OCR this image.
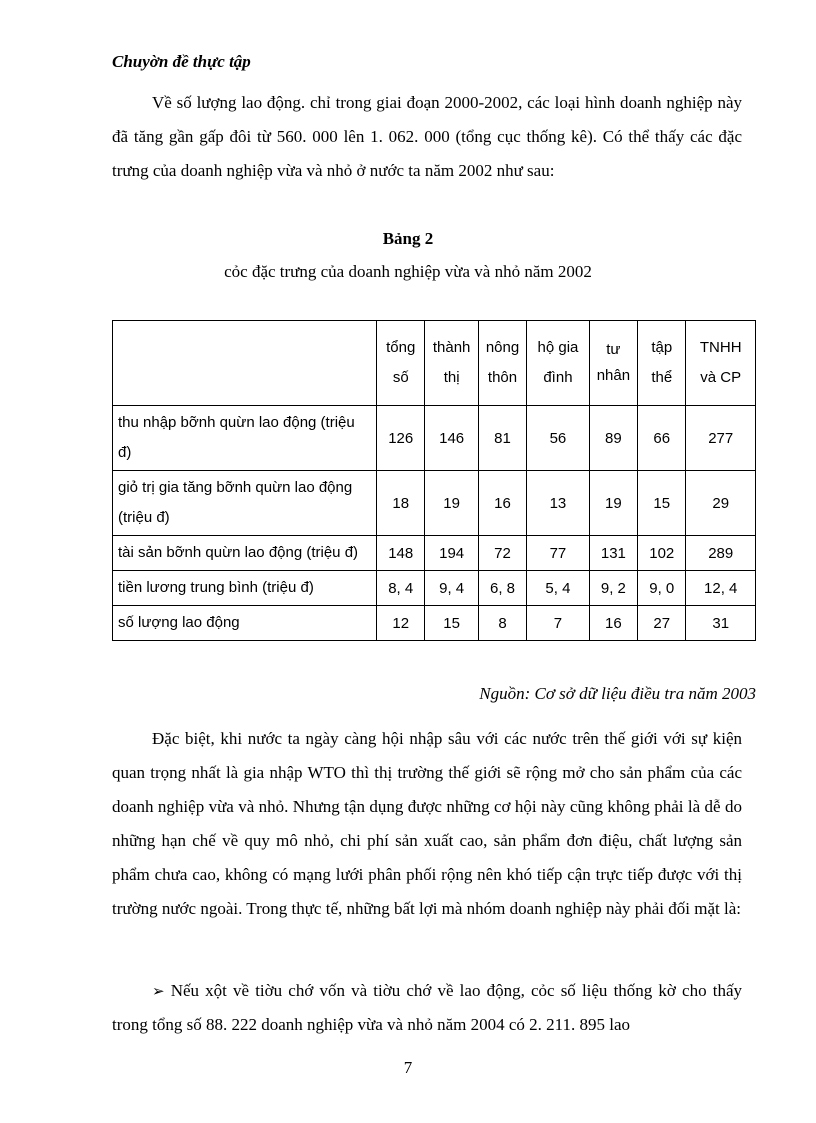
Chuyờn đề thực tập

Về số lượng lao động. chỉ trong giai đoạn 2000-2002, các loại hình doanh nghiệp này đã tăng gần gấp đôi từ 560. 000 lên 1. 062. 000 (tổng cục thống kê). Có thể thấy các đặc trưng của doanh nghiệp vừa và nhỏ ở nước ta năm 2002 như sau:

Bảng 2
cỏc đặc trưng của doanh nghiệp vừa và nhỏ năm 2002
	tổng số	thành thị	nông thôn	hộ gia đình	tư nhân	tập thể	TNHH và CP
thu nhập bỡnh quừn lao động (triệu đ)	126	146	81	56	89	66	277
giỏ trị gia tăng bỡnh quừn lao động (triệu đ)	18	19	16	13	19	15	29
tài sản bỡnh quừn lao động (triệu đ)	148	194	72	77	131	102	289
tiền lương trung bình (triệu đ)	8, 4	9, 4	6, 8	5, 4	9, 2	9, 0	12, 4
số lượng lao động	12	15	8	7	16	27	31
Nguồn: Cơ sở dữ liệu điều tra năm 2003

Đặc biệt, khi nước ta ngày càng hội nhập sâu với các nước trên thế giới với sự kiện quan trọng nhất là gia nhập WTO thì thị trường thế giới sẽ rộng mở cho sản phẩm của các doanh nghiệp vừa và nhỏ. Nhưng tận dụng được những cơ hội này cũng không phải là dễ do những hạn chế về quy mô nhỏ, chi phí sản xuất cao, sản phẩm đơn điệu, chất lượng sản phẩm chưa cao, không có mạng lưới phân phối rộng nên khó tiếp cận trực tiếp được với thị trường nước ngoài. Trong thực tế, những bất lợi mà nhóm doanh nghiệp này phải đối mặt là:

➢ Nếu xột về tiờu chớ vốn và tiờu chớ về lao động, cỏc số liệu thống kờ cho thấy trong tổng số 88. 222 doanh nghiệp vừa và nhỏ năm 2004 có 2. 211. 895 lao

7
